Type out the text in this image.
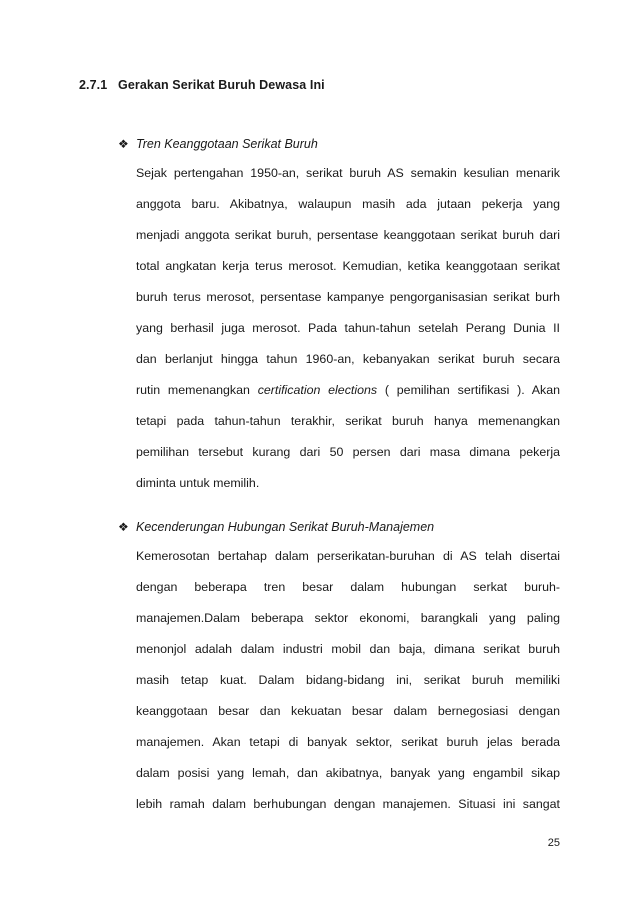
2.7.1 Gerakan Serikat Buruh Dewasa Ini
❖ Tren Keanggotaan Serikat Buruh
Sejak pertengahan 1950-an, serikat buruh AS semakin kesulian menarik
anggota baru. Akibatnya, walaupun masih ada jutaan pekerja yang
menjadi anggota serikat buruh, persentase keanggotaan serikat buruh dari
total angkatan kerja terus merosot. Kemudian, ketika keanggotaan serikat
buruh terus merosot, persentase kampanye pengorganisasian serikat burh
yang berhasil juga merosot. Pada tahun-tahun setelah Perang Dunia II
dan berlanjut hingga tahun 1960-an, kebanyakan serikat buruh secara
rutin memenangkan certification elections ( pemilihan sertifikasi ). Akan
tetapi pada tahun-tahun terakhir, serikat buruh hanya memenangkan
pemilihan tersebut kurang dari 50 persen dari masa dimana pekerja
diminta untuk memilih.
❖ Kecenderungan Hubungan Serikat Buruh-Manajemen
Kemerosotan bertahap dalam perserikatan-buruhan di AS telah disertai
dengan beberapa tren besar dalam hubungan serkat buruh-
manajemen.Dalam beberapa sektor ekonomi, barangkali yang paling
menonjol adalah dalam industri mobil dan baja, dimana serikat buruh
masih tetap kuat. Dalam bidang-bidang ini, serikat buruh memiliki
keanggotaan besar dan kekuatan besar dalam bernegosiasi dengan
manajemen. Akan tetapi di banyak sektor, serikat buruh jelas berada
dalam posisi yang lemah, dan akibatnya, banyak yang engambil sikap
lebih ramah dalam berhubungan dengan manajemen. Situasi ini sangat
25
